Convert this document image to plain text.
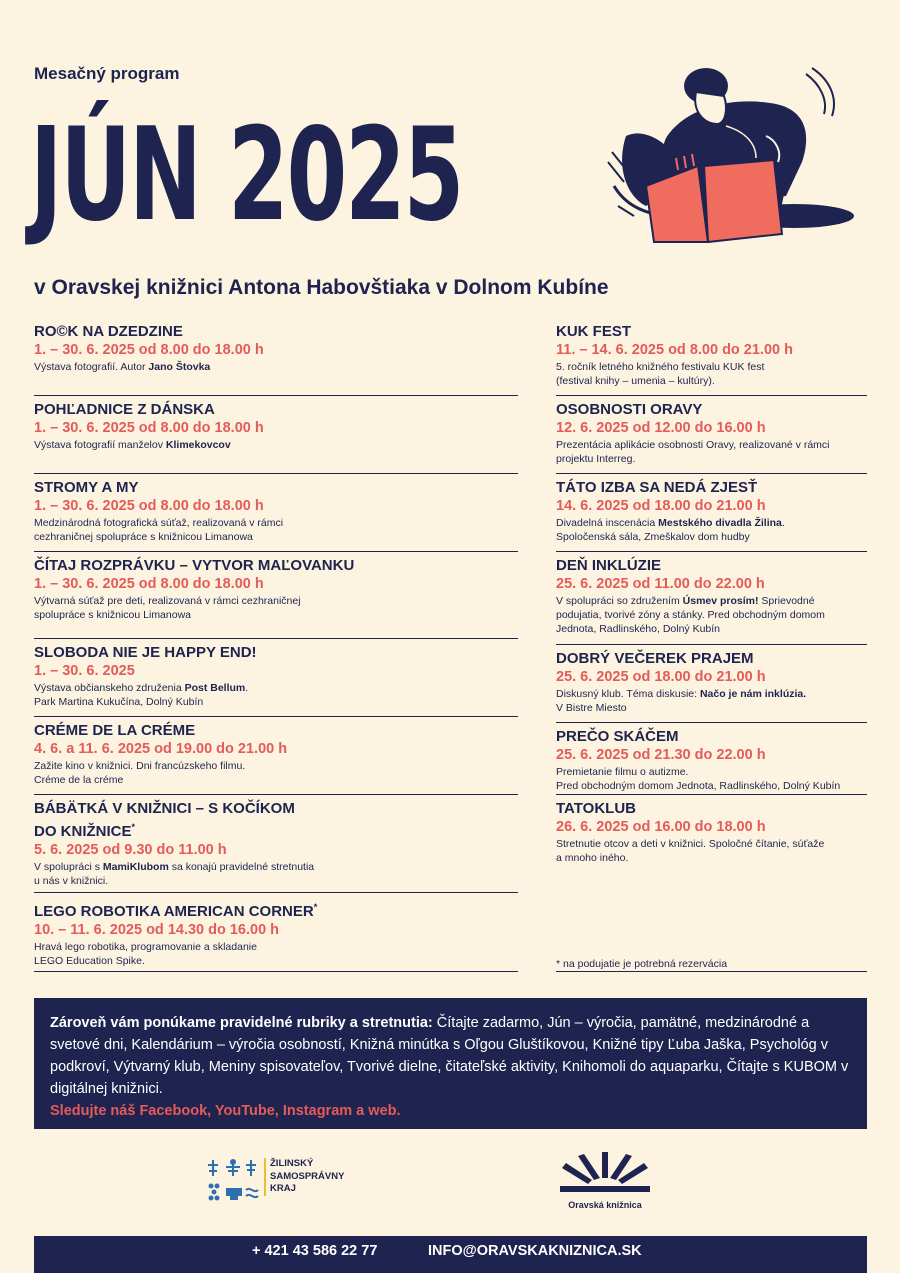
Mesačný program
JÚN 2025
v Oravskej knižnici Antona Habovštiaka v Dolnom Kubíne
RO©K NA DZEDZINE
1. – 30. 6. 2025 od 8.00 do 18.00 h
Výstava fotografií. Autor Jano Štovka
POHĽADNICE Z DÁNSKA
1. – 30. 6. 2025 od 8.00 do 18.00 h
Výstava fotografií manželov Klimekovcov
STROMY A MY
1. – 30. 6. 2025 od 8.00 do 18.00 h
Medzinárodná fotografická súťaž, realizovaná v rámci
cezhraničnej spolupráce s knižnicou Limanowa
ČÍTAJ ROZPRÁVKU – VYTVOR MAĽOVANKU
1. – 30. 6. 2025 od 8.00 do 18.00 h
Výtvarná súťaž pre deti, realizovaná v rámci cezhraničnej
spolupráce s knižnicou Limanowa
SLOBODA NIE JE HAPPY END!
1. – 30. 6. 2025
Výstava občianskeho združenia Post Bellum.
Park Martina Kukučína, Dolný Kubín
CRÉME DE LA CRÉME
4. 6. a 11. 6. 2025 od 19.00 do 21.00 h
Zažite kino v knižnici. Dni francúzskeho filmu.
Créme de la créme
BÁBÄTKÁ V KNIŽNICI – S KOČÍKOM
DO KNIŽNICE*
5. 6. 2025 od 9.30 do 11.00 h
V spolupráci s MamiKlubom sa konajú pravidelné stretnutia
u nás v knižnici.
LEGO ROBOTIKA AMERICAN CORNER*
10. – 11. 6. 2025 od 14.30 do 16.00 h
Hravá lego robotika, programovanie a skladanie
LEGO Education Spike.
KUK FEST
11. – 14. 6. 2025 od 8.00 do 21.00 h
5. ročník letného knižného festivalu KUK fest
(festival knihy – umenia – kultúry).
OSOBNOSTI ORAVY
12. 6. 2025 od 12.00 do 16.00 h
Prezentácia aplikácie osobnosti Oravy, realizované v rámci
projektu Interreg.
TÁTO IZBA SA NEDÁ ZJESŤ
14. 6. 2025 od 18.00 do 21.00 h
Divadelná inscenácia Mestského divadla Žilina.
Spoločenská sála, Zmeškalov dom hudby
DEŇ INKLÚZIE
25. 6. 2025 od 11.00 do 22.00 h
V spolupráci so združením Úsmev prosím! Sprievodné
podujatia, tvorivé zóny a stánky. Pred obchodným domom
Jednota, Radlinského, Dolný Kubín
DOBRÝ VEČEREK PRAJEM
25. 6. 2025 od 18.00 do 21.00 h
Diskusný klub. Téma diskusie: Načo je nám inklúzia.
V Bistre Miesto
PREČO SKÁČEM
25. 6. 2025 od 21.30 do 22.00 h
Premietanie filmu o autizme.
Pred obchodným domom Jednota, Radlinského, Dolný Kubín
TATOKLUB
26. 6. 2025 od 16.00 do 18.00 h
Stretnutie otcov a deti v knižnici. Spoločné čítanie, súťaže
a mnoho iného.
* na podujatie je potrebná rezervácia
Zároveň vám ponúkame pravidelné rubriky a stretnutia: Čítajte zadarmo, Jún – výročia, pamätné, medzinárodné a svetové dni, Kalendárium – výročia osobností, Knižná minútka s Oľgou Gluštíkovou, Knižné tipy Ľuba Jaška, Psychológ v podkroví, Výtvarný klub, Meniny spisovateľov, Tvorivé dielne, čitateľské aktivity, Knihomoli do aquaparku, Čítajte s KUBOM v digitálnej knižnici.
Sledujte náš Facebook, YouTube, Instagram a web.
ŽILINSKÝ
SAMOSPRÁVNY
KRAJ
Oravská knižnica
+ 421 43 586 22 77	INFO@ORAVSKAKNIZNICA.SK
